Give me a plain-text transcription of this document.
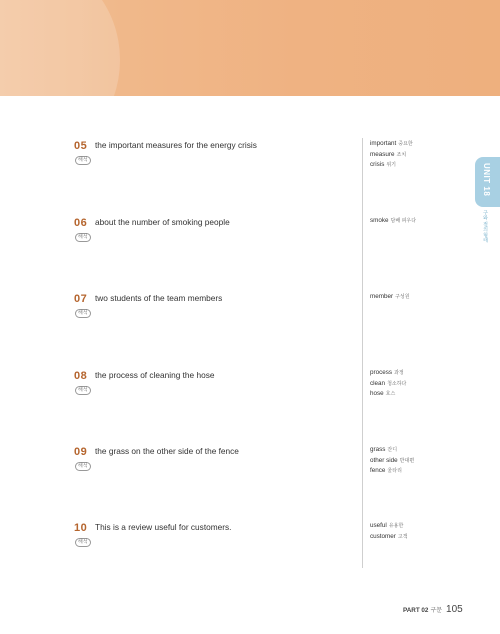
05 the important measures for the energy crisis
해석
important 중요한
measure 조치
crisis 위기
06 about the number of smoking people
해석
smoke 담배 피우다
07 two students of the team members
해석
member 구성원
08 the process of cleaning the hose
해석
process 과정
clean 청소하다
hose 호스
09 the grass on the other side of the fence
해석
grass 잔디
other side 반대편
fence 울타리
10 This is a review useful for customers.
해석
useful 유용한
customer 고객
UNIT 18
구와 절의 형태
PART 02 구문 105
